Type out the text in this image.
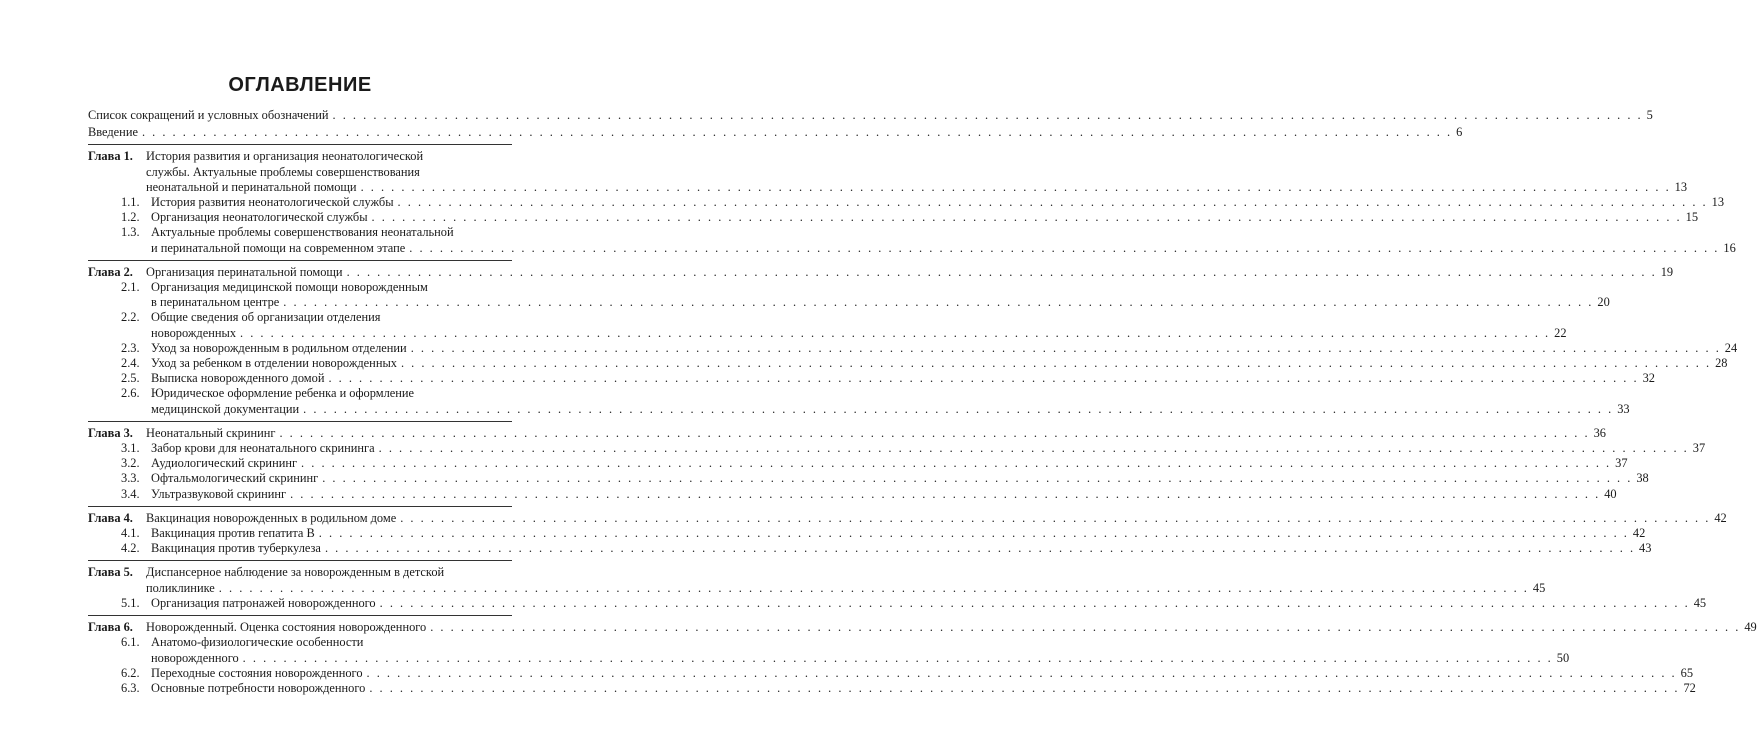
ОГЛАВЛЕНИЕ
Список сокращений и условных обозначений . . .	5
Введение . . .	6
Глава 1.	История развития и организация неонатологической
службы. Актуальные проблемы совершенствования
неонатальной и перинатальной помощи . . .	13
1.1. История развития неонатологической службы . . .	13
1.2. Организация неонатологической службы . . .	15
1.3. Актуальные проблемы совершенствования неонатальной
и перинатальной помощи на современном этапе . . .	16
Глава 2.	Организация перинатальной помощи . . .	19
2.1. Организация медицинской помощи новорожденным
в перинатальном центре . . .	20
2.2. Общие сведения об организации отделения
новорожденных . . .	22
2.3. Уход за новорожденным в родильном отделении . . .	24
2.4. Уход за ребенком в отделении новорожденных . . .	28
2.5. Выписка новорожденного домой . . .	32
2.6. Юридическое оформление ребенка и оформление
медицинской документации . . .	33
Глава 3.	Неонатальный скрининг . . .	36
3.1. Забор крови для неонатального скрининга . . .	37
3.2. Аудиологический скрининг . . .	37
3.3. Офтальмологический скрининг . . .	38
3.4. Ультразвуковой скрининг . . .	40
Глава 4.	Вакцинация новорожденных в родильном доме . . .	42
4.1. Вакцинация против гепатита B . . .	42
4.2. Вакцинация против туберкулеза . . .	43
Глава 5.	Диспансерное наблюдение за новорожденным в детской
поликлинике . . .	45
5.1. Организация патронажей новорожденного . . .	45
Глава 6.	Новорожденный. Оценка состояния новорожденного . . .	49
6.1. Анатомо-физиологические особенности
новорожденного . . .	50
6.2. Переходные состояния новорожденного . . .	65
6.3. Основные потребности новорожденного . . .	72
